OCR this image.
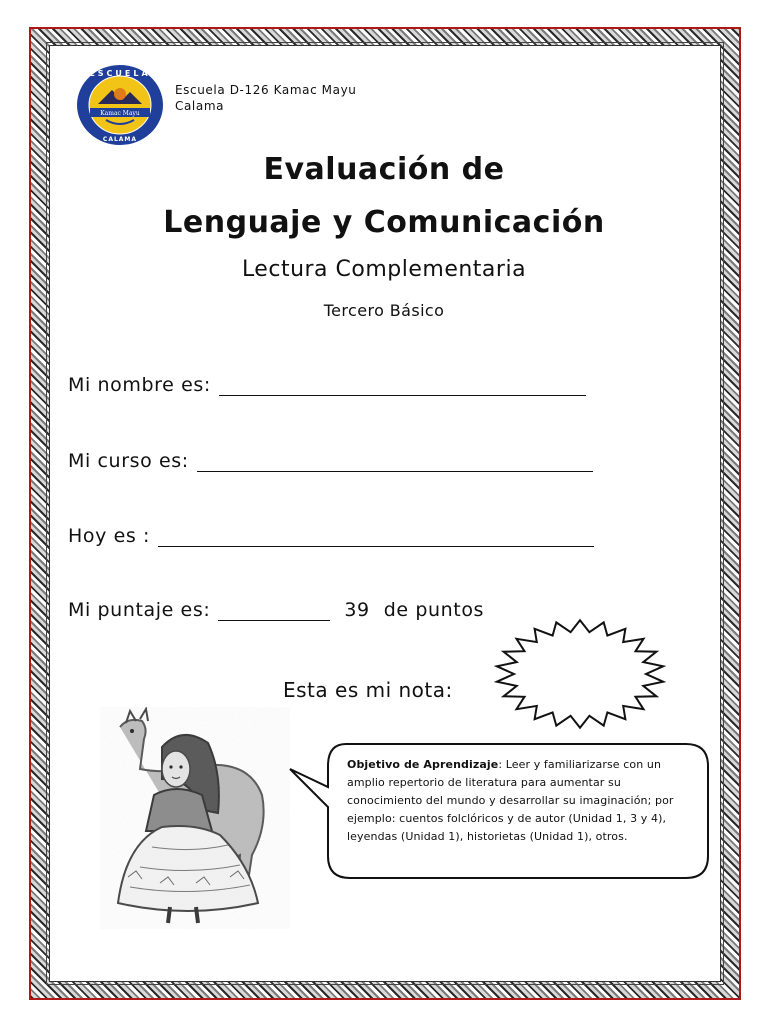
Kamac Mayu
ESCUELA
CALAMA
Escuela D-126 Kamac Mayu
Calama
Evaluación de
Lenguaje y Comunicación
Lectura Complementaria
Tercero Básico
Mi nombre es:
Mi curso es:
Hoy es :
Mi puntaje es:	39 de puntos
Esta es mi nota:
Objetivo de Aprendizaje: Leer y familiarizarse con un amplio repertorio de literatura para aumentar su conocimiento del mundo y desarrollar su imaginación; por ejemplo: cuentos folclóricos y de autor (Unidad 1, 3 y 4), leyendas (Unidad 1), historietas (Unidad 1), otros.
